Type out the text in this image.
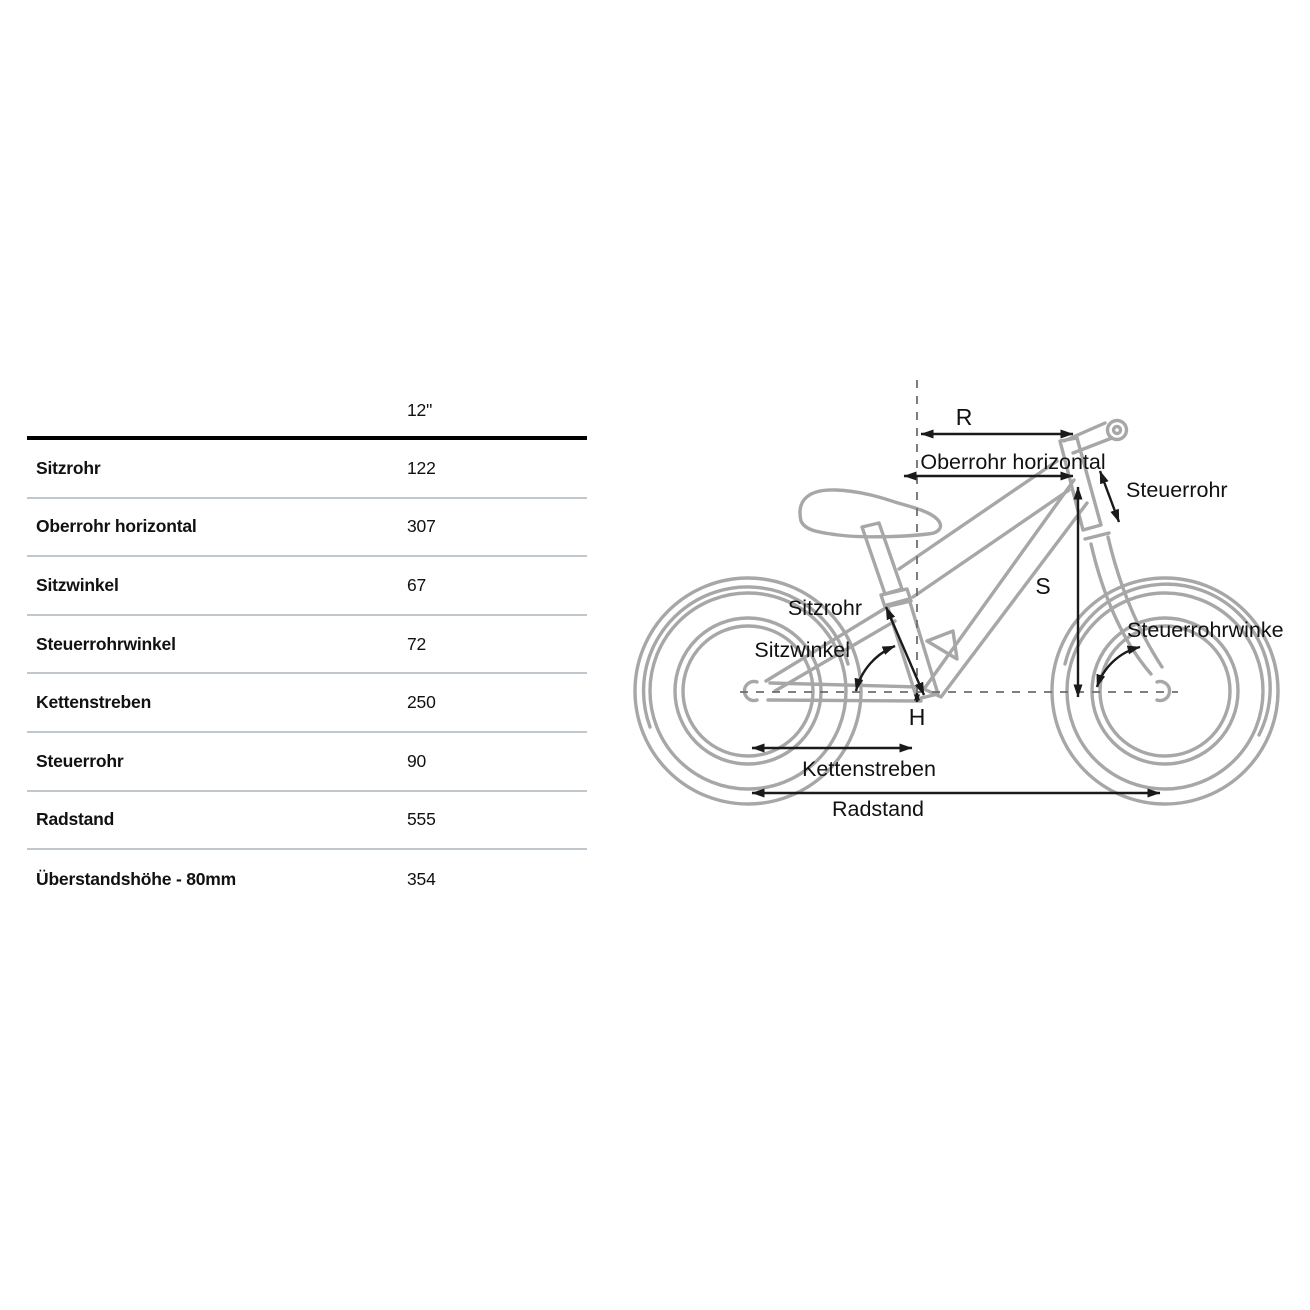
12"
Sitzrohr	122
Oberrohr horizontal	307
Sitzwinkel	67
Steuerrohrwinkel	72
Kettenstreben	250
Steuerrohr	90
Radstand	555
Überstandshöhe - 80mm	354
R
Oberrohr horizontal
Steuerrohr
S
Steuerrohrwinke
Sitzrohr
Sitzwinkel
H
Kettenstreben
Radstand
